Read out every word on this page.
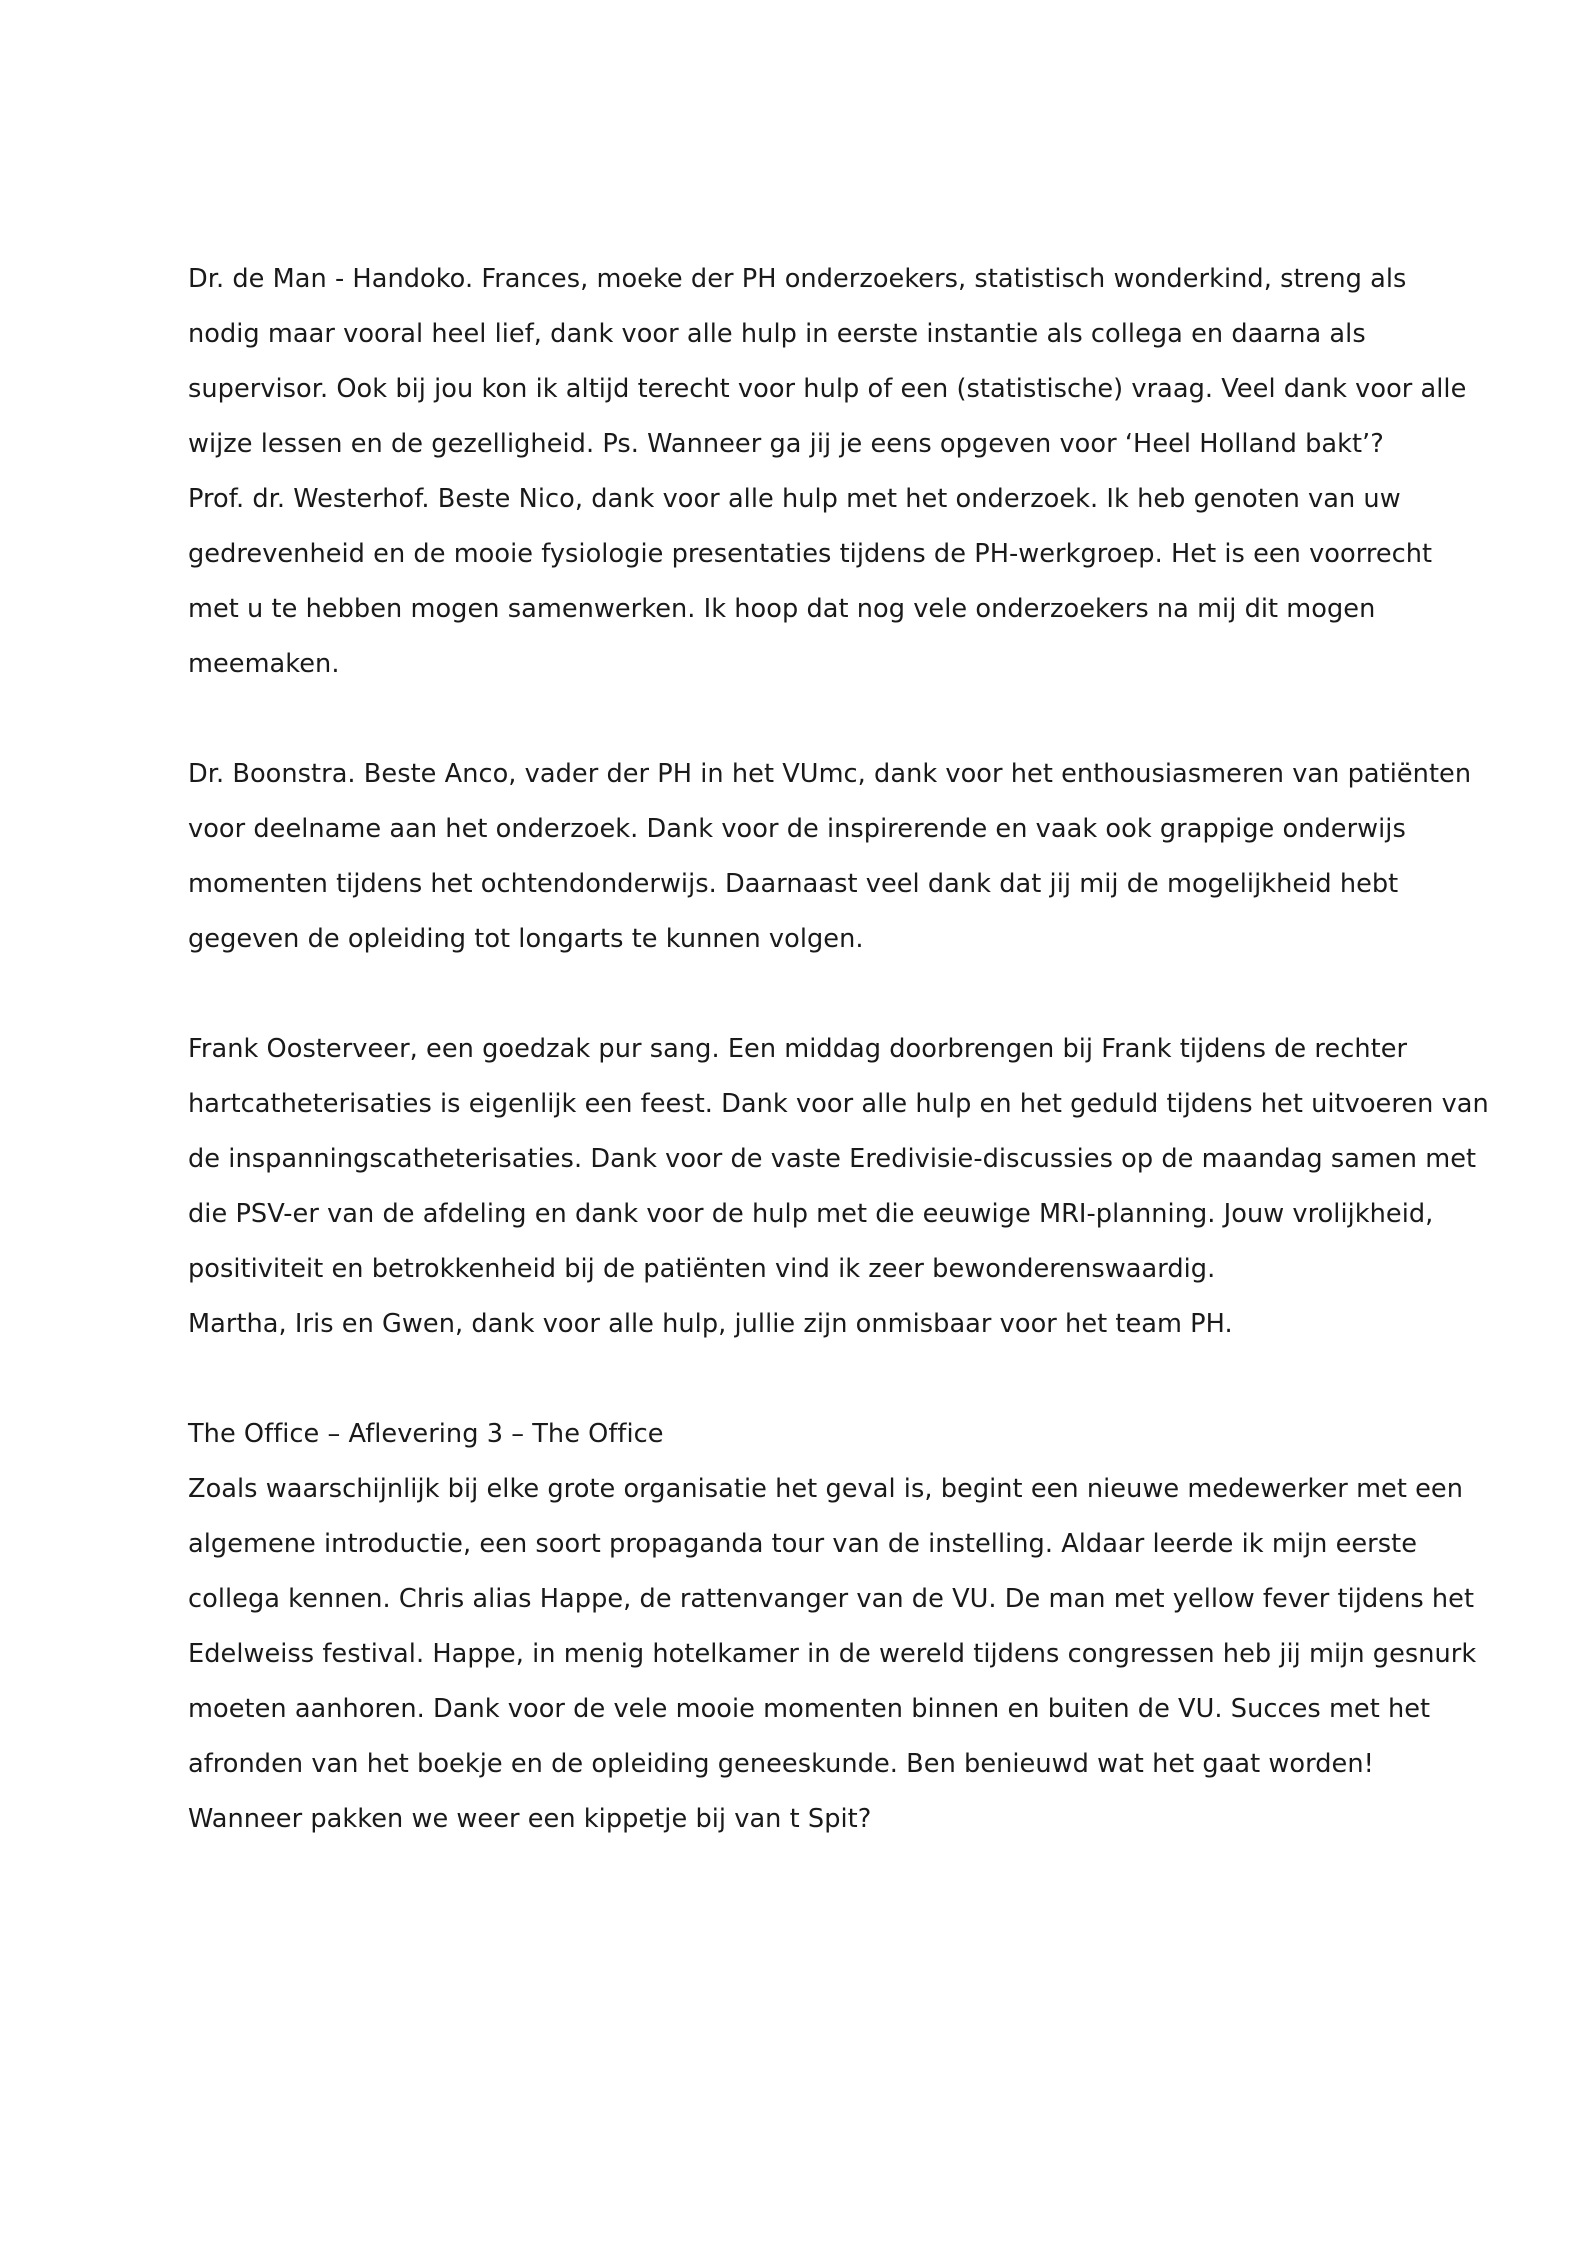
Dr. de Man - Handoko. Frances, moeke der PH onderzoekers, statistisch wonderkind, streng als
nodig maar vooral heel lief, dank voor alle hulp in eerste instantie als collega en daarna als
supervisor. Ook bij jou kon ik altijd terecht voor hulp of een (statistische) vraag. Veel dank voor alle
wijze lessen en de gezelligheid. Ps. Wanneer ga jij je eens opgeven voor ‘Heel Holland bakt’?
Prof. dr. Westerhof. Beste Nico, dank voor alle hulp met het onderzoek. Ik heb genoten van uw
gedrevenheid en de mooie fysiologie presentaties tijdens de PH-werkgroep. Het is een voorrecht
met u te hebben mogen samenwerken. Ik hoop dat nog vele onderzoekers na mij dit mogen
meemaken.
Dr. Boonstra. Beste Anco, vader der PH in het VUmc, dank voor het enthousiasmeren van patiënten
voor deelname aan het onderzoek. Dank voor de inspirerende en vaak ook grappige onderwijs
momenten tijdens het ochtendonderwijs. Daarnaast veel dank dat jij mij de mogelijkheid hebt
gegeven de opleiding tot longarts te kunnen volgen.
Frank Oosterveer, een goedzak pur sang. Een middag doorbrengen bij Frank tijdens de rechter
hartcatheterisaties is eigenlijk een feest. Dank voor alle hulp en het geduld tijdens het uitvoeren van
de inspanningscatheterisaties. Dank voor de vaste Eredivisie-discussies op de maandag samen met
die PSV-er van de afdeling en dank voor de hulp met die eeuwige MRI-planning. Jouw vrolijkheid,
positiviteit en betrokkenheid bij de patiënten vind ik zeer bewonderenswaardig.
Martha, Iris en Gwen, dank voor alle hulp, jullie zijn onmisbaar voor het team PH.
The Office – Aflevering 3 – The Office
Zoals waarschijnlijk bij elke grote organisatie het geval is, begint een nieuwe medewerker met een
algemene introductie, een soort propaganda tour van de instelling. Aldaar leerde ik mijn eerste
collega kennen. Chris alias Happe, de rattenvanger van de VU. De man met yellow fever tijdens het
Edelweiss festival. Happe, in menig hotelkamer in de wereld tijdens congressen heb jij mijn gesnurk
moeten aanhoren. Dank voor de vele mooie momenten binnen en buiten de VU. Succes met het
afronden van het boekje en de opleiding geneeskunde. Ben benieuwd wat het gaat worden!
Wanneer pakken we weer een kippetje bij van t Spit?
